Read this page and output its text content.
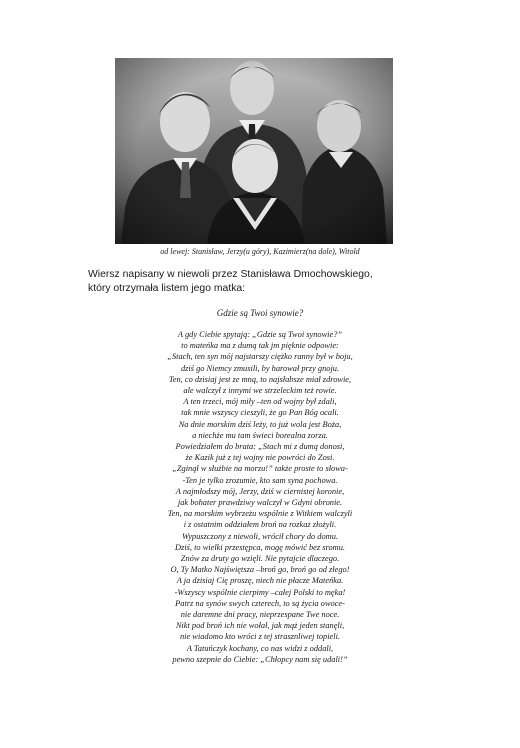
od lewej: Stanisław, Jerzy(u góry), Kazimierz(na dole), Witold
Wiersz napisany w niewoli przez Stanisława Dmochowskiego,
który otrzymała listem jego matka:
Gdzie są Twoi synowie?
A gdy Ciebie spytają: „Gdzie są Twoi synowie?”
to mateńka ma z dumą tak jm pięknie odpowie:
„Stach, ten syn mój najstarszy ciężko ranny był w boju,
dziś go Niemcy zmusili, by harował przy gnoju.
Ten, co dzisiaj jest ze mną, to najsłabsze miał zdrowie,
ale walczył z innymi we strzeleckim też rowie.
A ten trzeci, mój miły –ten od wojny był zdali,
tak mnie wszyscy cieszyli, że go Pan Bóg ocali.
Na dnie morskim dziś leży, to już wola jest Boża,
a niechże mu tam świeci borealna zorza.
Powiedziałem do brata: „Stach mi z dumą donosi,
że Kazik już z tej wojny nie powróci do Zosi.
„Zginął w służbie na morzu!” także proste to słowa-
-Ten je tylko zrozumie, kto sam syna pochowa.
A najmłodszy mój, Jerzy, dziś w ciernistej koronie,
jak bohater prawdziwy walczył w Gdyni obronie.
Ten, na morskim wybrzeżu wspólnie z Witkiem walczyli
i z ostatnim oddziałem broń na rozkaz złożyli.
Wypuszczony z niewoli, wrócił chory do domu.
Dziś, to wielki przestępca, mogę mówić bez sromu.
Znów za druty go wzięli. Nie pytajcie dlaczego.
O, Ty Matko Najświętsza –broń go, broń go od złego!
A ja dzisiaj Cię proszę, niech nie płacze Mateńka.
-Wszyscy wspólnie cierpimy –całej Polski to męka!
Patrz na synów swych czterech, to są życia owoce-
nie daremne dni pracy, nieprzespane Twe noce.
Nikt pod broń ich nie wołał, jak mąż jeden stanęli,
nie wiadomo kto wróci z tej strasznliwej topieli.
A Tatuńczyk kochany, co nas widzi z oddali,
pewno szepnie do Ciebie: „Chłopcy nam się udali!”
